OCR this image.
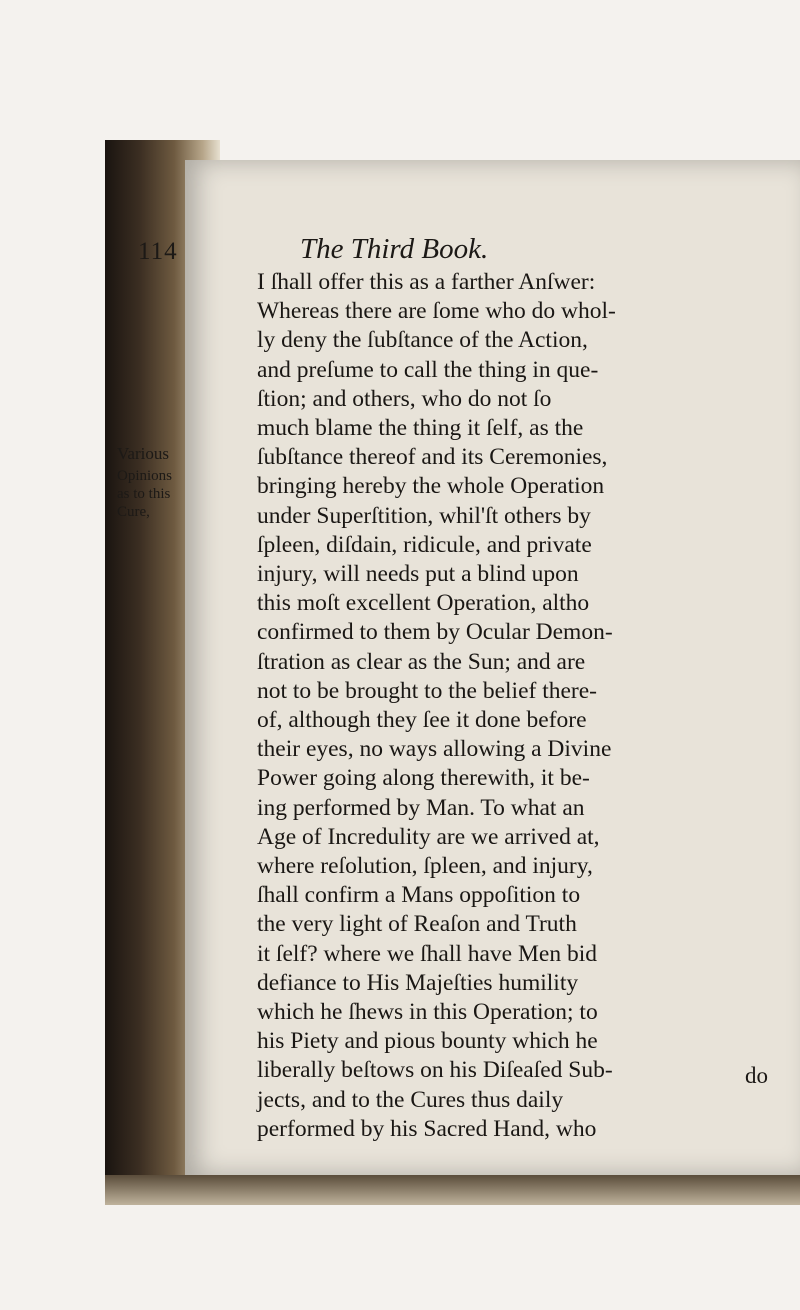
114	The Third Book.
Various
Opinions
as to this
Cure,
I ſhall offer this as a farther Anſwer:
Whereas there are ſome who do whol-
ly deny the ſubſtance of the Action,
and preſume to call the thing in que-
ſtion; and others, who do not ſo
much blame the thing it ſelf, as the
ſubſtance thereof and its Ceremonies,
bringing hereby the whole Operation
under Superſtition, whil'ſt others by
ſpleen, diſdain, ridicule, and private
injury, will needs put a blind upon
this moſt excellent Operation, altho
confirmed to them by Ocular Demon-
ſtration as clear as the Sun; and are
not to be brought to the belief there-
of, although they ſee it done before
their eyes, no ways allowing a Divine
Power going along therewith, it be-
ing performed by Man. To what an
Age of Incredulity are we arrived at,
where reſolution, ſpleen, and injury,
ſhall confirm a Mans oppoſition to
the very light of Reaſon and Truth
it ſelf? where we ſhall have Men bid
defiance to His Majeſties humility
which he ſhews in this Operation; to
his Piety and pious bounty which he
liberally beſtows on his Diſeaſed Sub-
jects, and to the Cures thus daily
performed by his Sacred Hand, who
do
